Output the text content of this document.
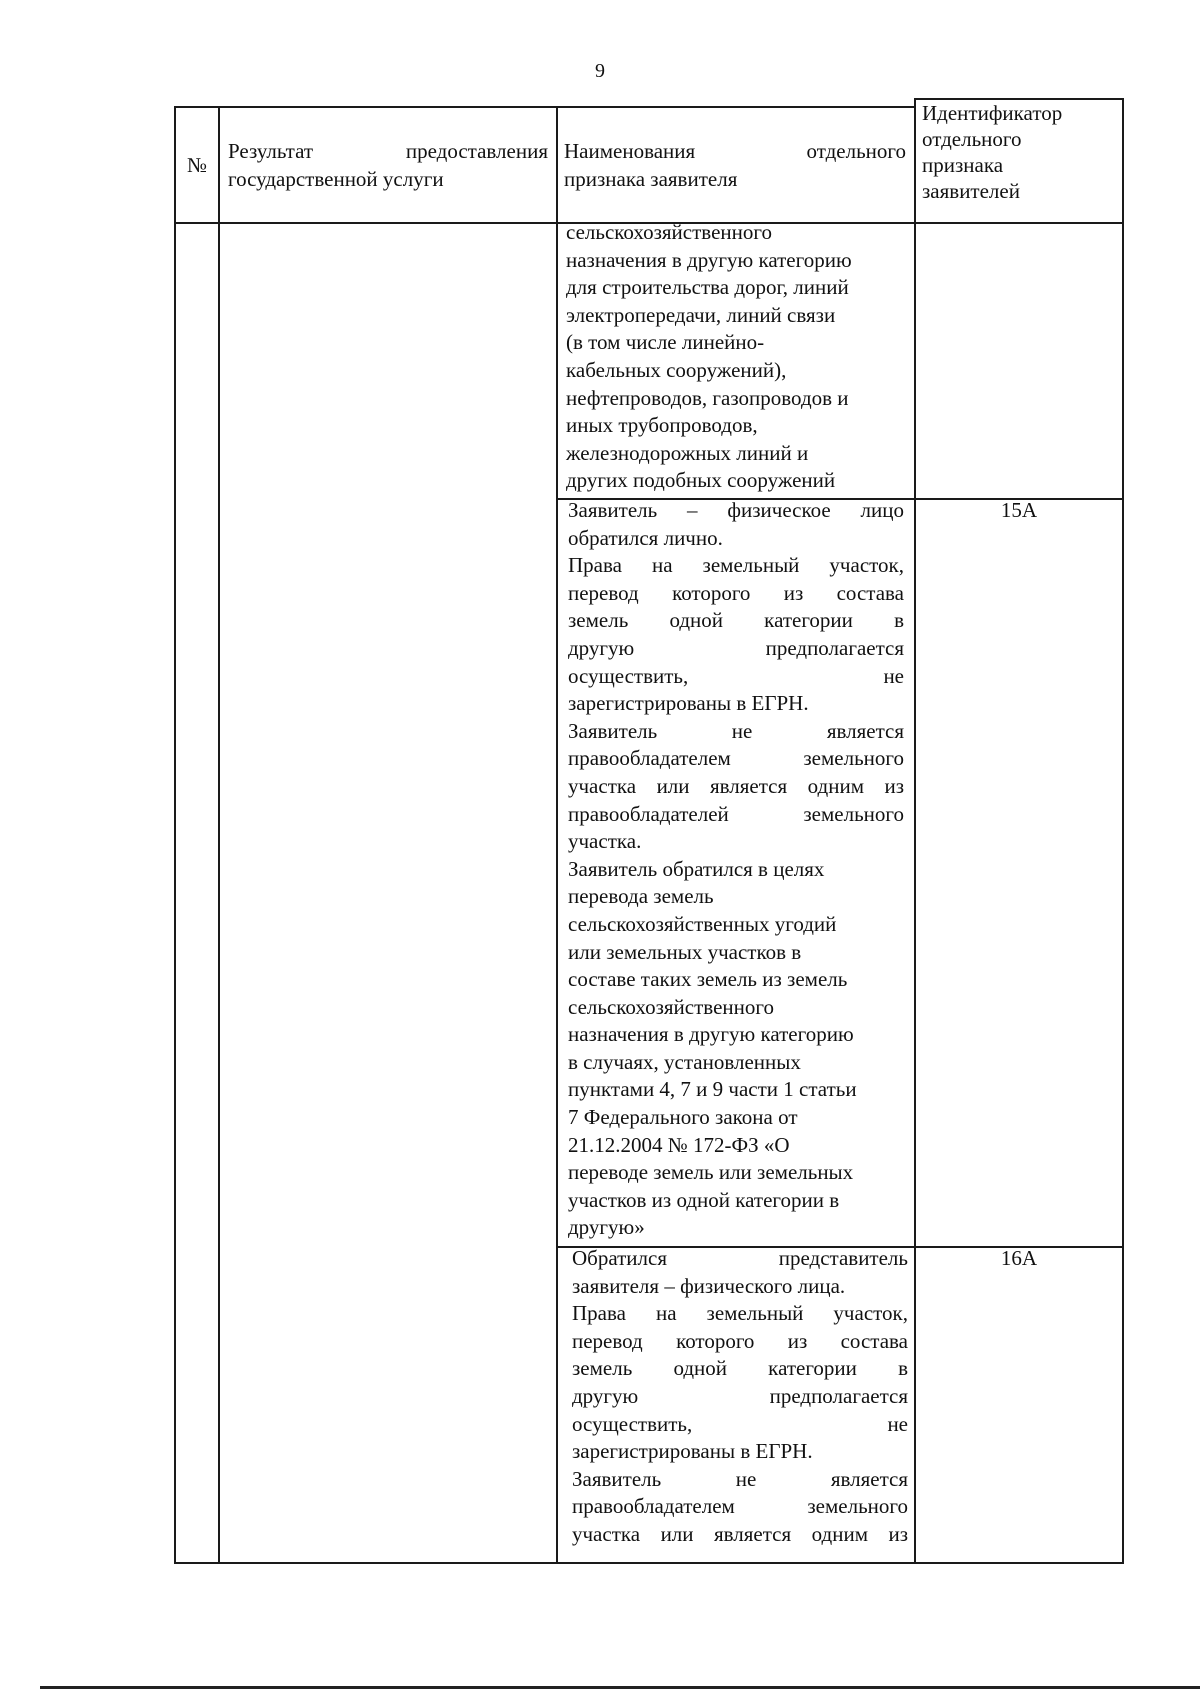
9
№
Результат предоставления
государственной услуги
Наименования отдельного
признака заявителя
Идентификатор
отдельного
признака
заявителей
сельскохозяйственного
назначения в другую категорию
для строительства дорог, линий
электропередачи, линий связи
(в том числе линейно-
кабельных сооружений),
нефтепроводов, газопроводов и
иных трубопроводов,
железнодорожных линий и
других подобных сооружений
Заявитель – физическое лицо
обратился лично.
Права на земельный участок,
перевод которого из состава
земель одной категории в
другую предполагается
осуществить, не
зарегистрированы в ЕГРН.
Заявитель не является
правообладателем земельного
участка или является одним из
правообладателей земельного
участка.
Заявитель обратился в целях
перевода земель
сельскохозяйственных угодий
или земельных участков в
составе таких земель из земель
сельскохозяйственного
назначения в другую категорию
в случаях, установленных
пунктами 4, 7 и 9 части 1 статьи
7 Федерального закона от
21.12.2004 № 172-ФЗ «О
переводе земель или земельных
участков из одной категории в
другую»
15А
Обратился представитель
заявителя – физического лица.
Права на земельный участок,
перевод которого из состава
земель одной категории в
другую предполагается
осуществить, не
зарегистрированы в ЕГРН.
Заявитель не является
правообладателем земельного
участка или является одним из
16А
